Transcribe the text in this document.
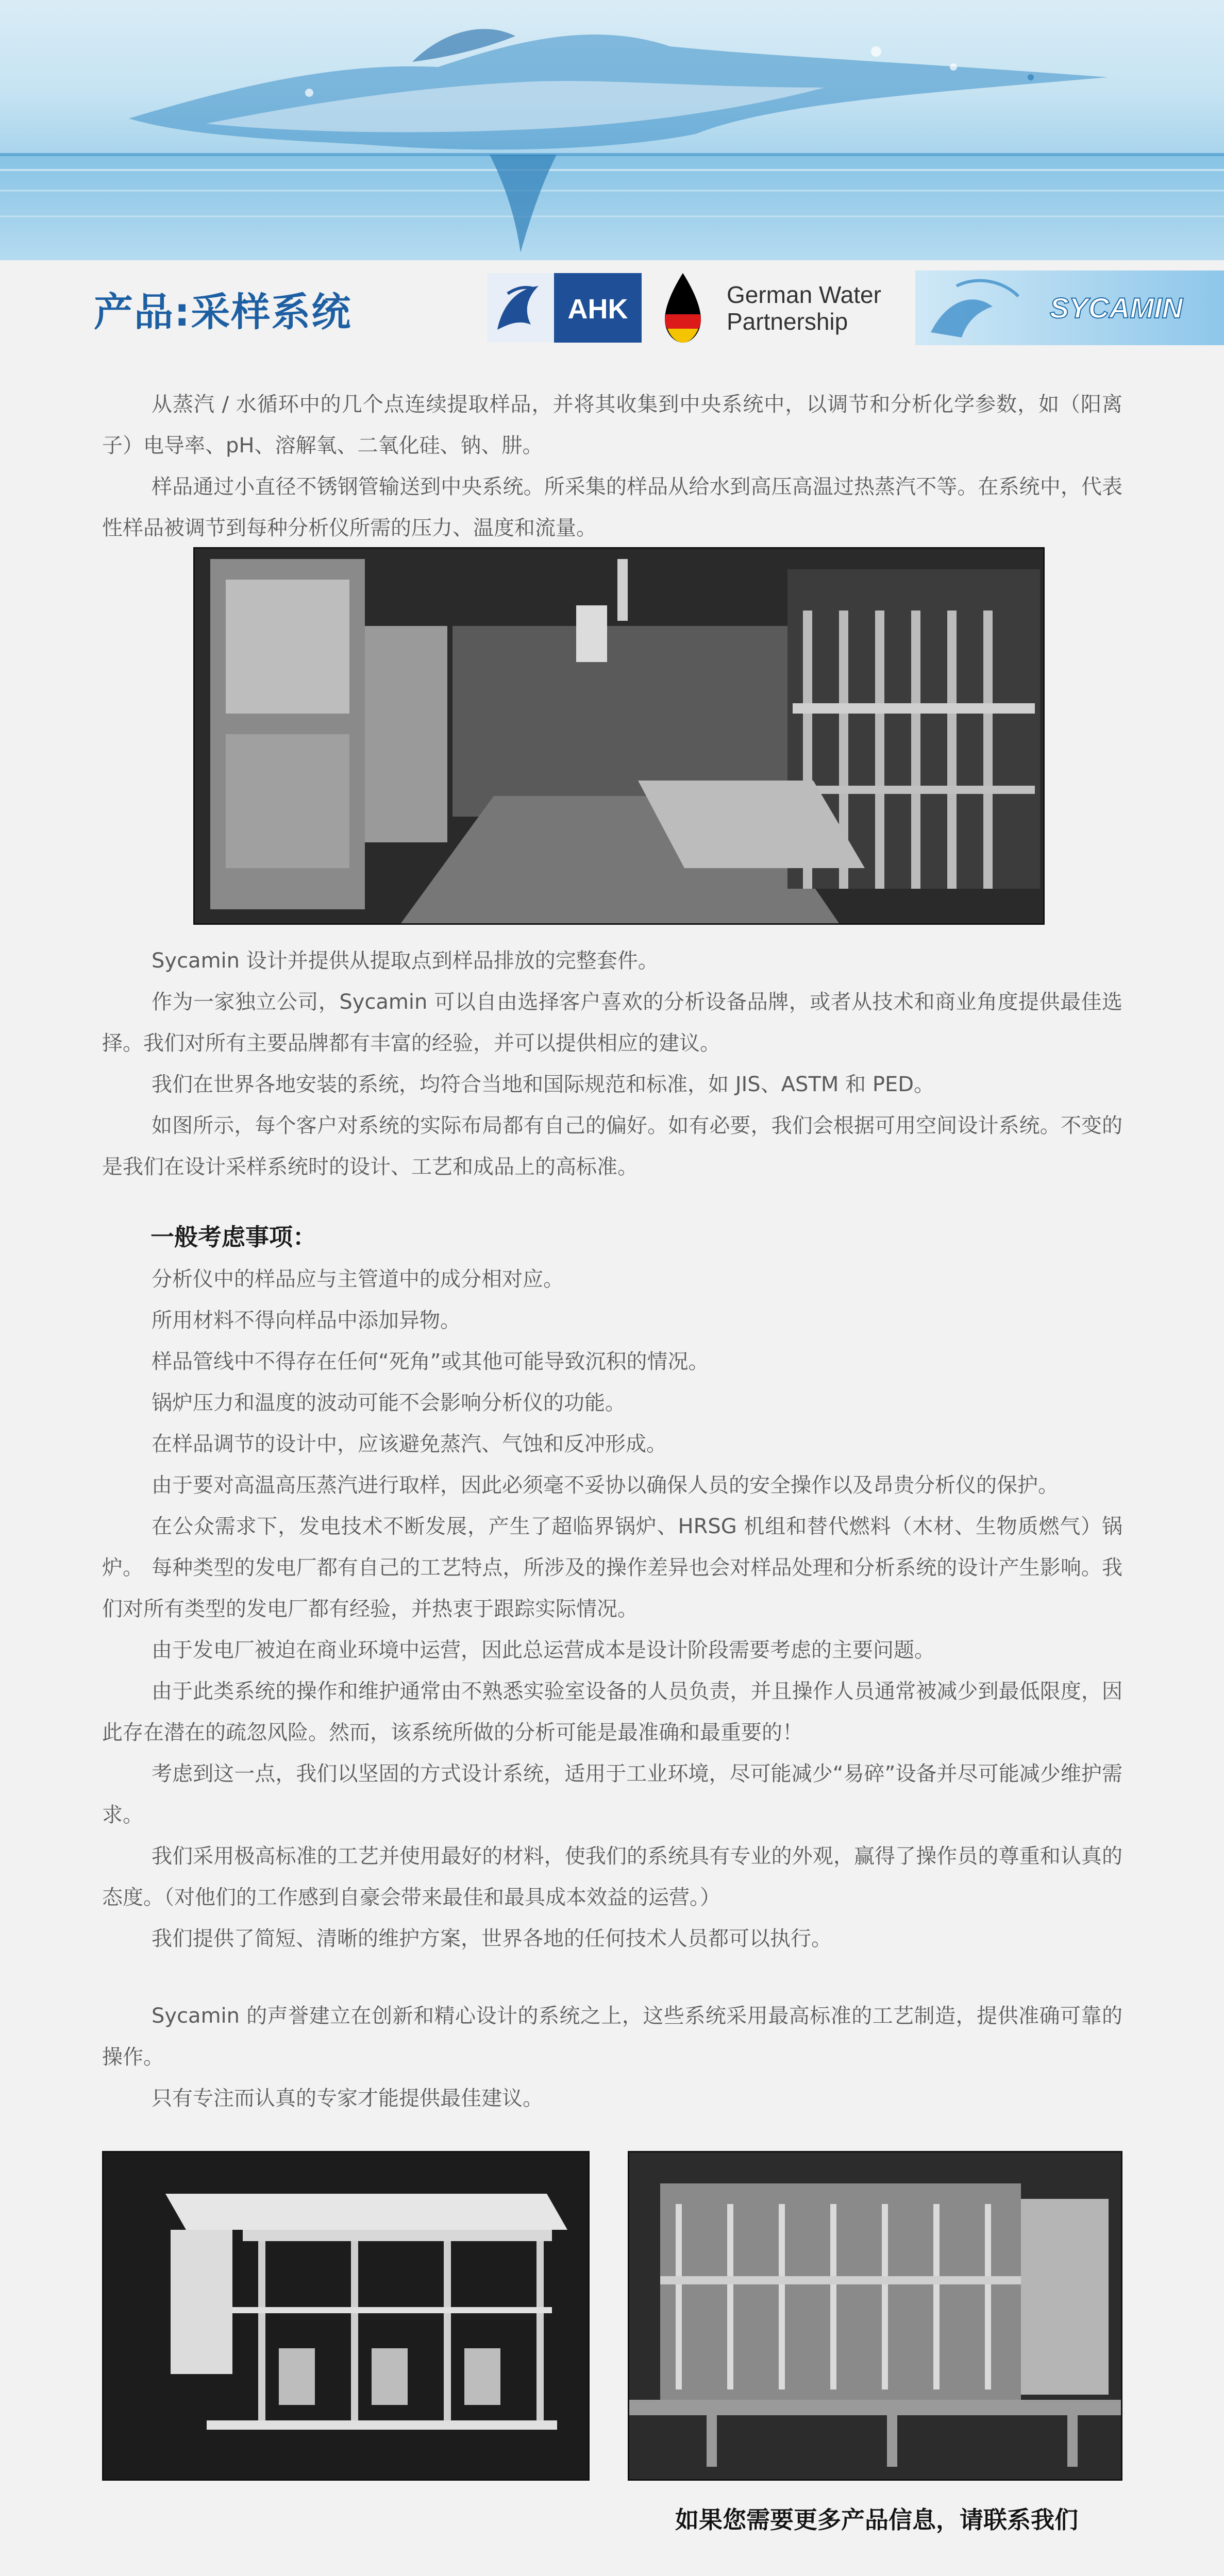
产品:采样系统	AHK	German Water
Partnership	SYCAMIN

从蒸汽 / 水循环中的几个点连续提取样品，并将其收集到中央系统中，以调节和分析化学参数，如（阳离子）电导率、pH、溶解氧、二氧化硅、钠、肼。

样品通过小直径不锈钢管输送到中央系统。所采集的样品从给水到高压高温过热蒸汽不等。在系统中，代表性样品被调节到每种分析仪所需的压力、温度和流量。

Sycamin 设计并提供从提取点到样品排放的完整套件。

作为一家独立公司，Sycamin 可以自由选择客户喜欢的分析设备品牌，或者从技术和商业角度提供最佳选择。我们对所有主要品牌都有丰富的经验，并可以提供相应的建议。

我们在世界各地安装的系统，均符合当地和国际规范和标准，如 JIS、ASTM 和 PED。

如图所示，每个客户对系统的实际布局都有自己的偏好。如有必要，我们会根据可用空间设计系统。不变的是我们在设计采样系统时的设计、工艺和成品上的高标准。

一般考虑事项：

分析仪中的样品应与主管道中的成分相对应。

所用材料不得向样品中添加异物。

样品管线中不得存在任何“死角”或其他可能导致沉积的情况。

锅炉压力和温度的波动可能不会影响分析仪的功能。

在样品调节的设计中，应该避免蒸汽、气蚀和反冲形成。

由于要对高温高压蒸汽进行取样，因此必须毫不妥协以确保人员的安全操作以及昂贵分析仪的保护。

在公众需求下，发电技术不断发展，产生了超临界锅炉、HRSG 机组和替代燃料（木材、生物质燃气）锅炉。 每种类型的发电厂都有自己的工艺特点，所涉及的操作差异也会对样品处理和分析系统的设计产生影响。我们对所有类型的发电厂都有经验，并热衷于跟踪实际情况。

由于发电厂被迫在商业环境中运营，因此总运营成本是设计阶段需要考虑的主要问题。

由于此类系统的操作和维护通常由不熟悉实验室设备的人员负责，并且操作人员通常被减少到最低限度，因此存在潜在的疏忽风险。然而，该系统所做的分析可能是最准确和最重要的！

考虑到这一点，我们以坚固的方式设计系统，适用于工业环境，尽可能减少“易碎”设备并尽可能减少维护需求。

我们采用极高标准的工艺并使用最好的材料，使我们的系统具有专业的外观，赢得了操作员的尊重和认真的态度。（对他们的工作感到自豪会带来最佳和最具成本效益的运营。）

我们提供了简短、清晰的维护方案，世界各地的任何技术人员都可以执行。

Sycamin 的声誉建立在创新和精心设计的系统之上，这些系统采用最高标准的工艺制造，提供准确可靠的操作。

只有专注而认真的专家才能提供最佳建议。

如果您需要更多产品信息，请联系我们
